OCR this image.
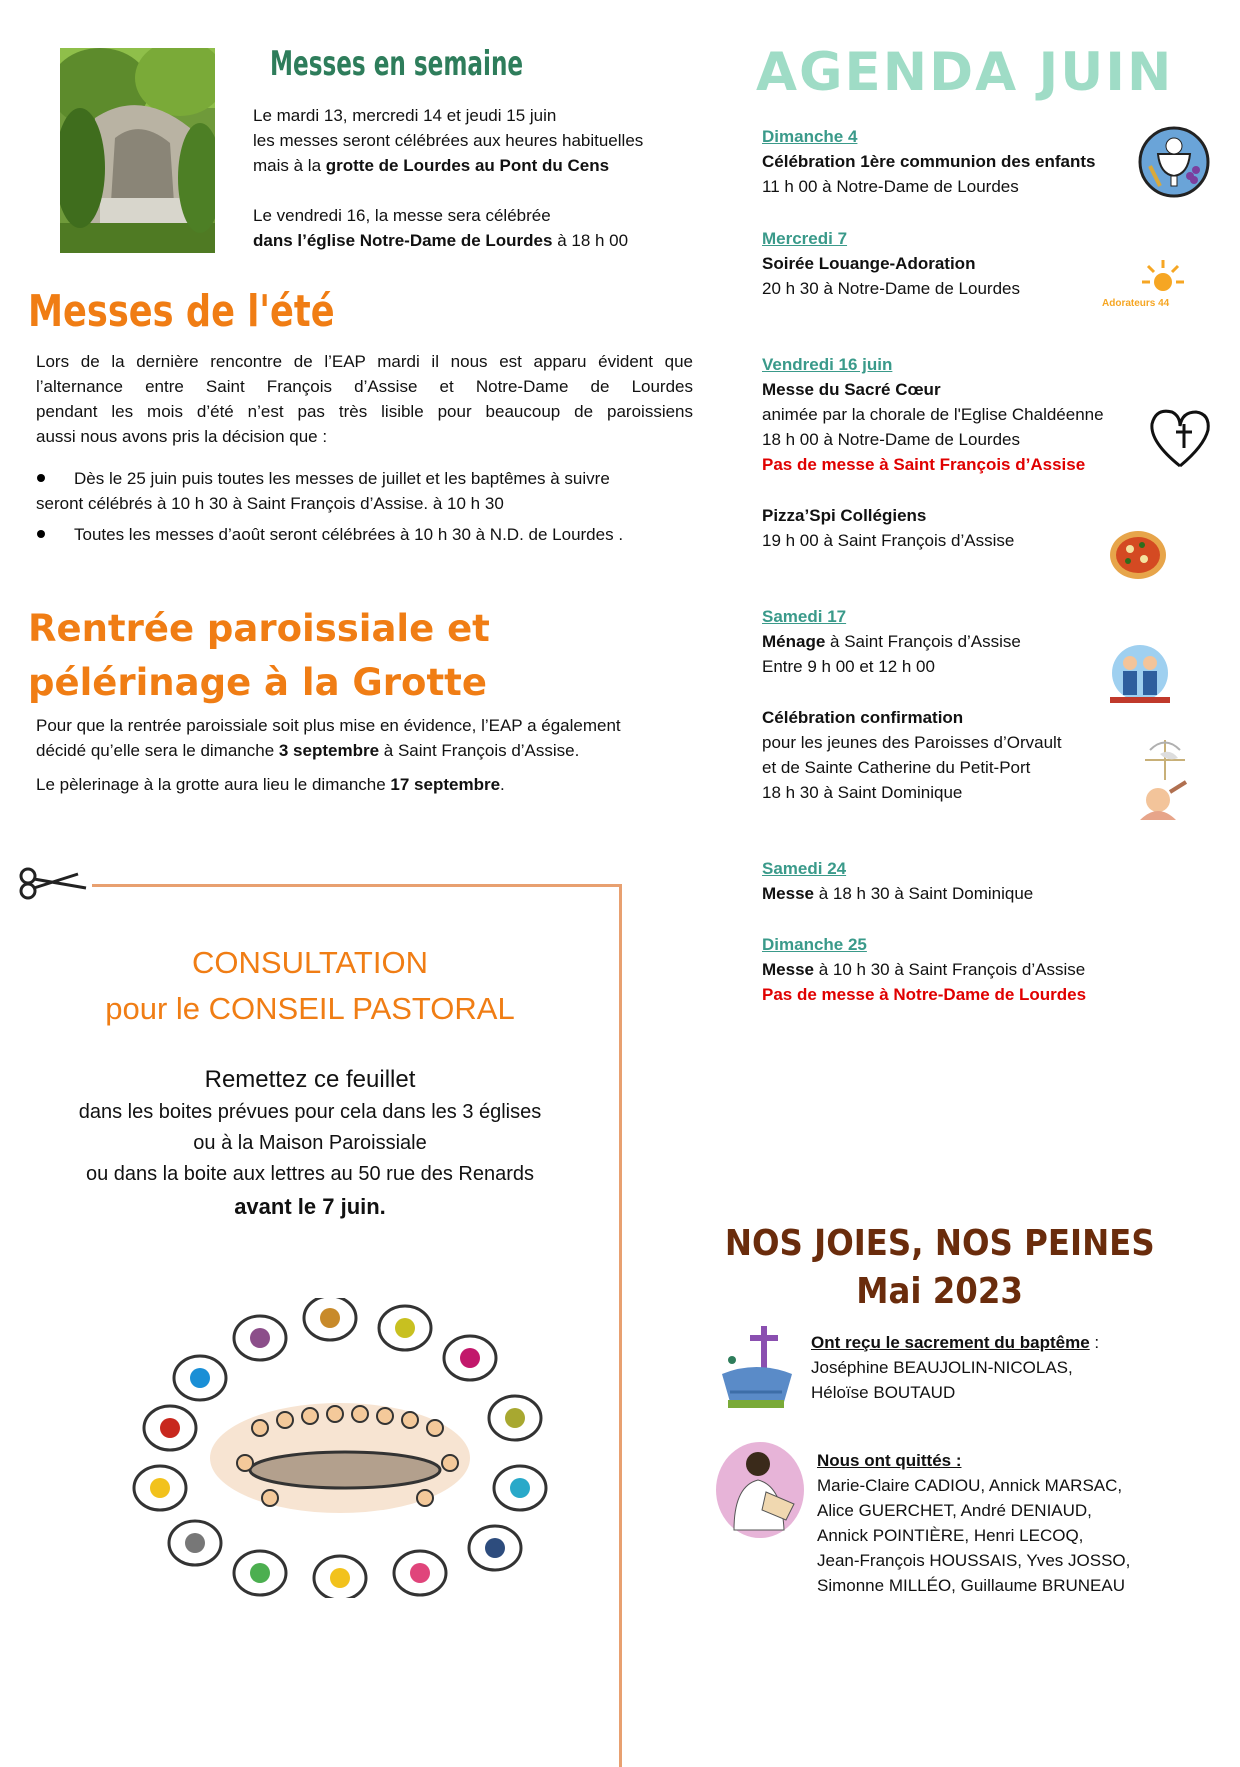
Messes en semaine

Le mardi 13, mercredi 14 et jeudi 15 juin

les messes seront célébrées aux heures habituelles

mais à la grotte de Lourdes au Pont du Cens

Le vendredi 16, la messe sera célébrée

dans l’église Notre-Dame de Lourdes à 18 h 00

Messes de l'été

Lors de la dernière rencontre de l’EAP mardi il nous est apparu évident que

l’alternance entre Saint François d’Assise et Notre-Dame de Lourdes

pendant les mois d’été n’est pas très lisible pour beaucoup de paroissiens

aussi nous avons pris la décision que :

Dès le 25 juin puis toutes les messes de juillet et les baptêmes à suivre

seront célébrés à 10 h 30 à Saint François d’Assise. à 10 h 30

Toutes les messes d’août seront célébrées à 10 h 30 à N.D. de Lourdes .

Rentrée paroissiale et
pélérinage à la Grotte

Pour que la rentrée paroissiale soit plus mise en évidence, l’EAP a également

décidé qu’elle sera le dimanche 3 septembre à Saint François d’Assise.

Le pèlerinage à la grotte aura lieu le dimanche 17 septembre.

CONSULTATION
pour le CONSEIL PASTORAL
Remettez ce feuillet
dans les boites prévues pour cela dans les 3 églises
ou à la Maison Paroissiale
ou dans la boite aux lettres au 50 rue des Renards
avant le 7 juin.
AGENDA JUIN

Dimanche 4

Célébration 1ère communion des enfants

11 h 00 à Notre-Dame de Lourdes

Mercredi 7

Soirée Louange-Adoration

20 h 30 à Notre-Dame de Lourdes

Vendredi 16 juin

Messe du Sacré Cœur

animée par la chorale de l'Eglise Chaldéenne

18 h 00 à Notre-Dame de Lourdes

Pas de messe à Saint François d’Assise

Pizza’Spi Collégiens

19 h 00 à Saint François d’Assise

Samedi 17

Ménage à Saint François d’Assise

Entre 9 h 00 et 12 h 00

Célébration confirmation

pour les jeunes des Paroisses d’Orvault

et de Sainte Catherine du Petit-Port

18 h 30 à Saint Dominique

Samedi 24

Messe à 18 h 30 à Saint Dominique

Dimanche 25

Messe à 10 h 30 à Saint François d’Assise

Pas de messe à Notre-Dame de Lourdes

Adorateurs 44
NOS JOIES, NOS PEINES
Mai 2023

Ont reçu le sacrement du baptême :

Joséphine BEAUJOLIN-NICOLAS,

Héloïse BOUTAUD

Nous ont quittés :

Marie-Claire CADIOU, Annick MARSAC,

Alice GUERCHET, André DENIAUD,

Annick POINTIÈRE, Henri LECOQ,

Jean-François HOUSSAIS, Yves JOSSO,

Simonne MILLÉO, Guillaume BRUNEAU
